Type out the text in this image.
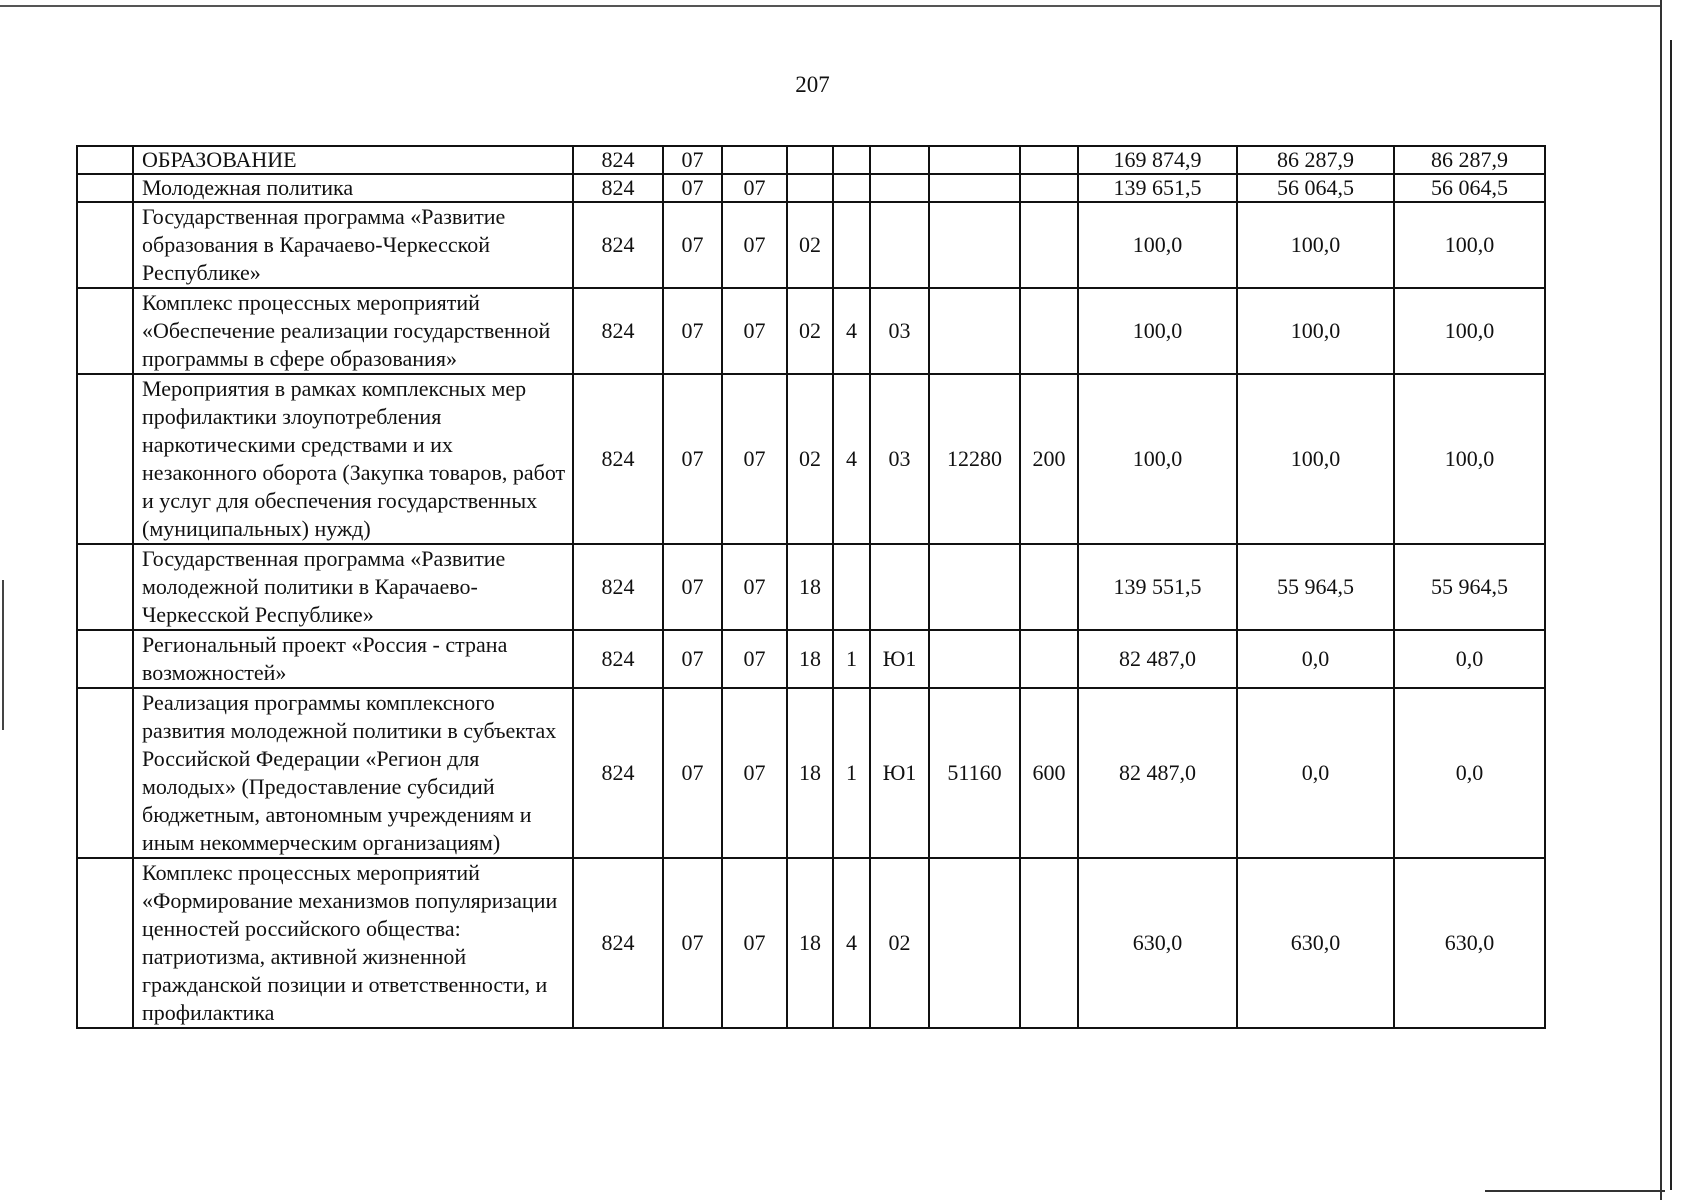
207
	ОБРАЗОВАНИЕ	824	07							169 874,9	86 287,9	86 287,9
	Молодежная политика	824	07	07						139 651,5	56 064,5	56 064,5
	Государственная программа «Развитие образования в Карачаево-Черкесской Республике»	824	07	07	02					100,0	100,0	100,0
	Комплекс процессных мероприятий «Обеспечение реализации государственной программы в сфере образования»	824	07	07	02	4	03			100,0	100,0	100,0
	Мероприятия в рамках комплексных мер профилактики злоупотребления наркотическими средствами и их незаконного оборота (Закупка товаров, работ и услуг для обеспечения государственных (муниципальных) нужд)	824	07	07	02	4	03	12280	200	100,0	100,0	100,0
	Государственная программа «Развитие молодежной политики в Карачаево-Черкесской Республике»	824	07	07	18					139 551,5	55 964,5	55 964,5
	Региональный проект «Россия - страна возможностей»	824	07	07	18	1	Ю1			82 487,0	0,0	0,0
	Реализация программы комплексного развития молодежной политики в субъектах Российской Федерации «Регион для молодых» (Предоставление субсидий бюджетным, автономным учреждениям и иным некоммерческим организациям)	824	07	07	18	1	Ю1	51160	600	82 487,0	0,0	0,0
	Комплекс процессных мероприятий «Формирование механизмов популяризации ценностей российского общества: патриотизма, активной жизненной гражданской позиции и ответственности, и профилактика	824	07	07	18	4	02			630,0	630,0	630,0
